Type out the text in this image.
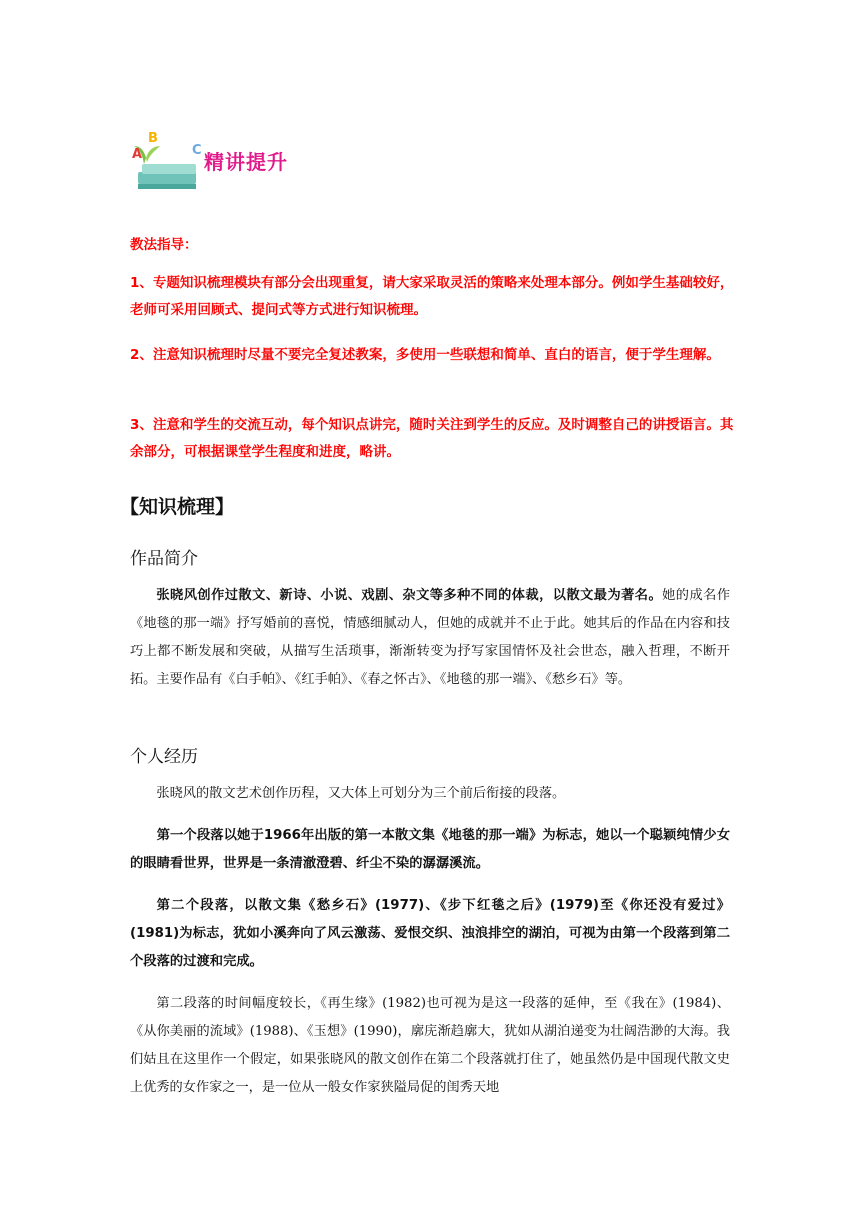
B
A	C 精讲提升
教法指导：
1、专题知识梳理模块有部分会出现重复，请大家采取灵活的策略来处理本部分。例如学生基础较好，老师可采用回顾式、提问式等方式进行知识梳理。
2、注意知识梳理时尽量不要完全复述教案，多使用一些联想和简单、直白的语言，便于学生理解。
3、注意和学生的交流互动，每个知识点讲完，随时关注到学生的反应。及时调整自己的讲授语言。其余部分，可根据课堂学生程度和进度，略讲。
【知识梳理】
作品简介
张晓风创作过散文、新诗、小说、戏剧、杂文等多种不同的体裁，以散文最为著名。她的成名作《地毯的那一端》抒写婚前的喜悦，情感细腻动人，但她的成就并不止于此。她其后的作品在内容和技巧上都不断发展和突破，从描写生活琐事，渐渐转变为抒写家国情怀及社会世态，融入哲理，不断开拓。主要作品有《白手帕》、《红手帕》、《春之怀古》、《地毯的那一端》、《愁乡石》等。
个人经历
张晓风的散文艺术创作历程，又大体上可划分为三个前后衔接的段落。
第一个段落以她于1966年出版的第一本散文集《地毯的那一端》为标志，她以一个聪颖纯情少女的眼睛看世界，世界是一条清澈澄碧、纤尘不染的潺潺溪流。
第二个段落，以散文集《愁乡石》(1977)、《步下红毯之后》(1979)至《你还没有爱过》(1981)为标志，犹如小溪奔向了风云激荡、爱恨交织、浊浪排空的湖泊，可视为由第一个段落到第二个段落的过渡和完成。
第二段落的时间幅度较长，《再生缘》(1982)也可视为是这一段落的延伸，至《我在》(1984)、《从你美丽的流域》(1988)、《玉想》(1990)，廓庑渐趋廓大，犹如从湖泊递变为壮阔浩渺的大海。我们姑且在这里作一个假定，如果张晓风的散文创作在第二个段落就打住了，她虽然仍是中国现代散文史上优秀的女作家之一，是一位从一般女作家狭隘局促的闺秀天地
